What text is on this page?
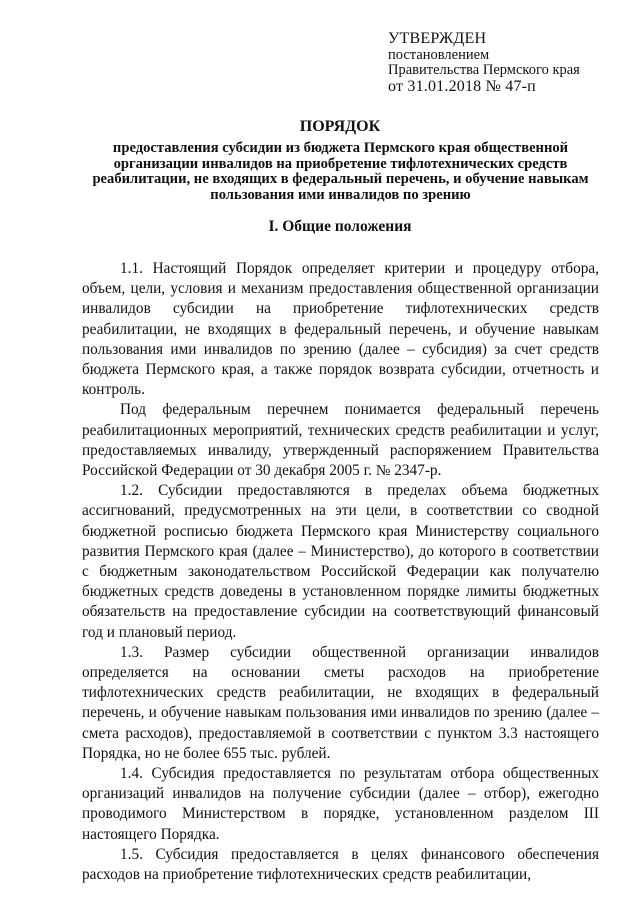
УТВЕРЖДЕН
постановлением
Правительства Пермского края
от 31.01.2018 № 47-п
ПОРЯДОК
предоставления субсидии из бюджета Пермского края общественной организации инвалидов на приобретение тифлотехнических средств реабилитации, не входящих в федеральный перечень, и обучение навыкам пользования ими инвалидов по зрению
I. Общие положения

1.1. Настоящий Порядок определяет критерии и процедуру отбора, объем, цели, условия и механизм предоставления общественной организации инвалидов субсидии на приобретение тифлотехнических средств реабилитации, не входящих в федеральный перечень, и обучение навыкам пользования ими инвалидов по зрению (далее – субсидия) за счет средств бюджета Пермского края, а также порядок возврата субсидии, отчетность и контроль.

Под федеральным перечнем понимается федеральный перечень реабилитационных мероприятий, технических средств реабилитации и услуг, предоставляемых инвалиду, утвержденный распоряжением Правительства Российской Федерации от 30 декабря 2005 г. № 2347-р.

1.2. Субсидии предоставляются в пределах объема бюджетных ассигнований, предусмотренных на эти цели, в соответствии со сводной бюджетной росписью бюджета Пермского края Министерству социального развития Пермского края (далее – Министерство), до которого в соответствии с бюджетным законодательством Российской Федерации как получателю бюджетных средств доведены в установленном порядке лимиты бюджетных обязательств на предоставление субсидии на соответствующий финансовый год и плановый период.

1.3. Размер субсидии общественной организации инвалидов определяется на основании сметы расходов на приобретение тифлотехнических средств реабилитации, не входящих в федеральный перечень, и обучение навыкам пользования ими инвалидов по зрению (далее – смета расходов), предоставляемой в соответствии с пунктом 3.3 настоящего Порядка, но не более 655 тыс. рублей.

1.4. Субсидия предоставляется по результатам отбора общественных организаций инвалидов на получение субсидии (далее – отбор), ежегодно проводимого Министерством в порядке, установленном разделом III настоящего Порядка.

1.5. Субсидия предоставляется в целях финансового обеспечения расходов на приобретение тифлотехнических средств реабилитации,
